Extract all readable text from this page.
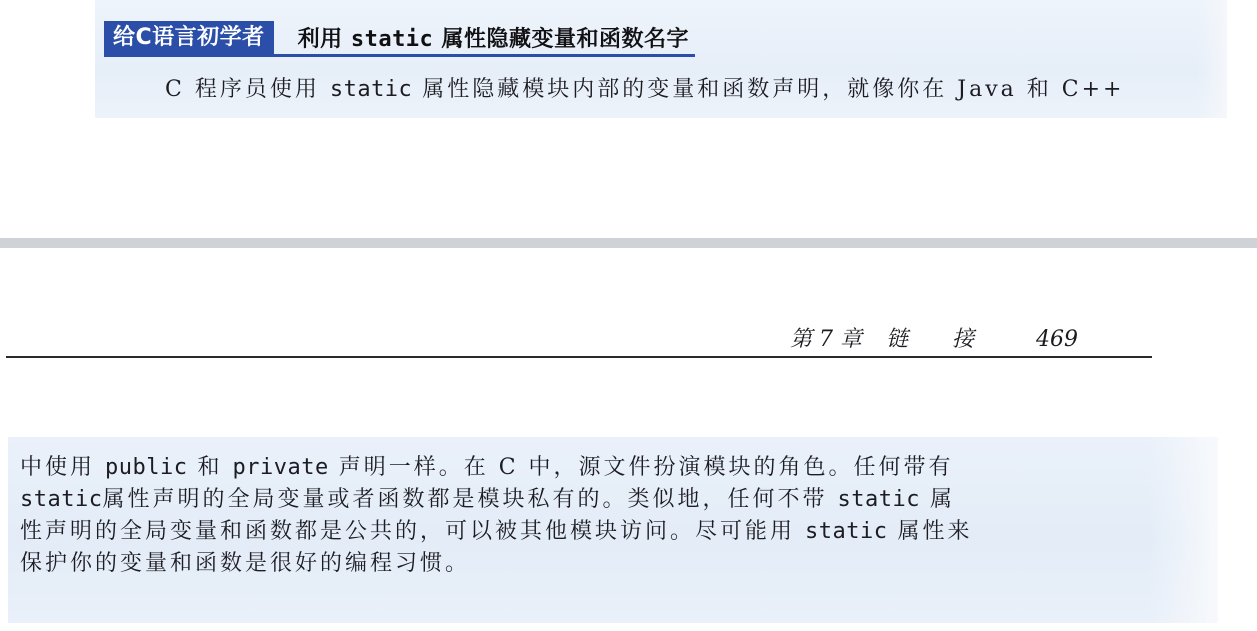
给C语言初学者	利用 static 属性隐藏变量和函数名字
C 程序员使用 static 属性隐藏模块内部的变量和函数声明，就像你在 Java 和 C++
第 7 章 链 接	469
中使用 public 和 private 声明一样。在 C 中，源文件扮演模块的角色。任何带有
static属性声明的全局变量或者函数都是模块私有的。类似地，任何不带 static 属
性声明的全局变量和函数都是公共的，可以被其他模块访问。尽可能用 static 属性来
保护你的变量和函数是很好的编程习惯。
